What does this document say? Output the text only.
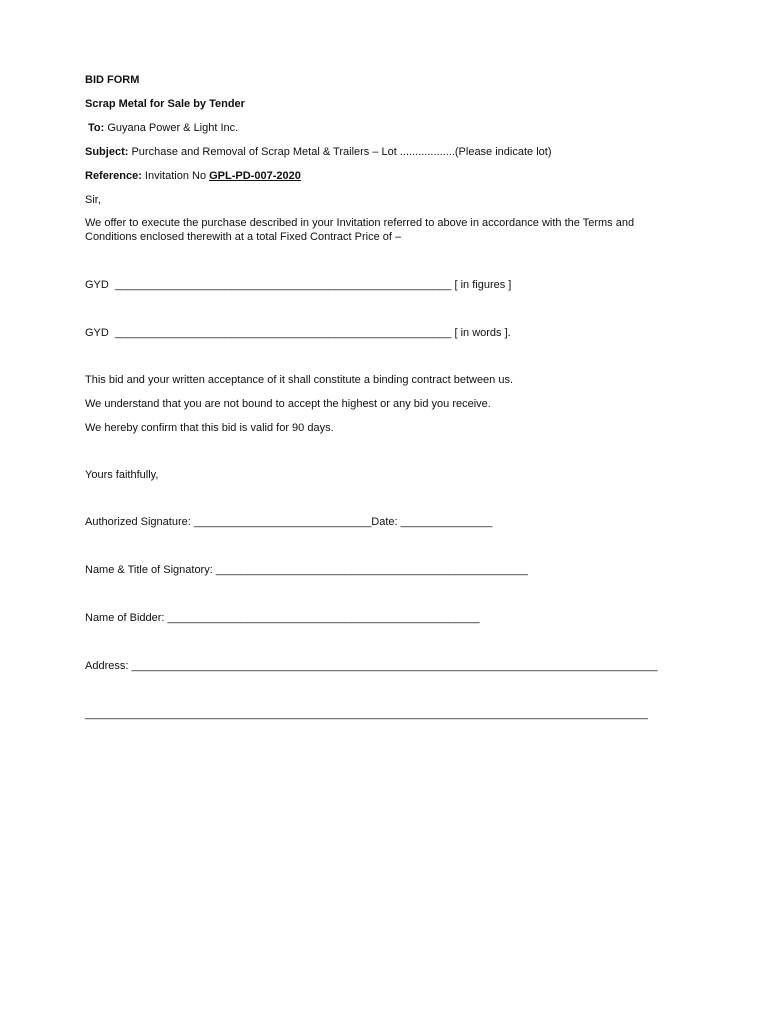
BID FORM
Scrap Metal for Sale by Tender
To: Guyana Power & Light Inc.
Subject: Purchase and Removal of Scrap Metal & Trailers – Lot ..................(Please indicate lot)
Reference: Invitation No GPL-PD-007-2020
Sir,
We offer to execute the purchase described in your Invitation referred to above in accordance with the Terms and Conditions enclosed therewith at a total Fixed Contract Price of –
GYD  _______________________________________________________ [ in figures ]
GYD  _______________________________________________________ [ in words ].
This bid and your written acceptance of it shall constitute a binding contract between us.
We understand that you are not bound to accept the highest or any bid you receive.
We hereby confirm that this bid is valid for 90 days.
Yours faithfully,
Authorized Signature: _____________________________Date: _______________
Name & Title of Signatory: ___________________________________________________
Name of Bidder: ___________________________________________________
Address: ______________________________________________________________________________________
____________________________________________________________________________________________
